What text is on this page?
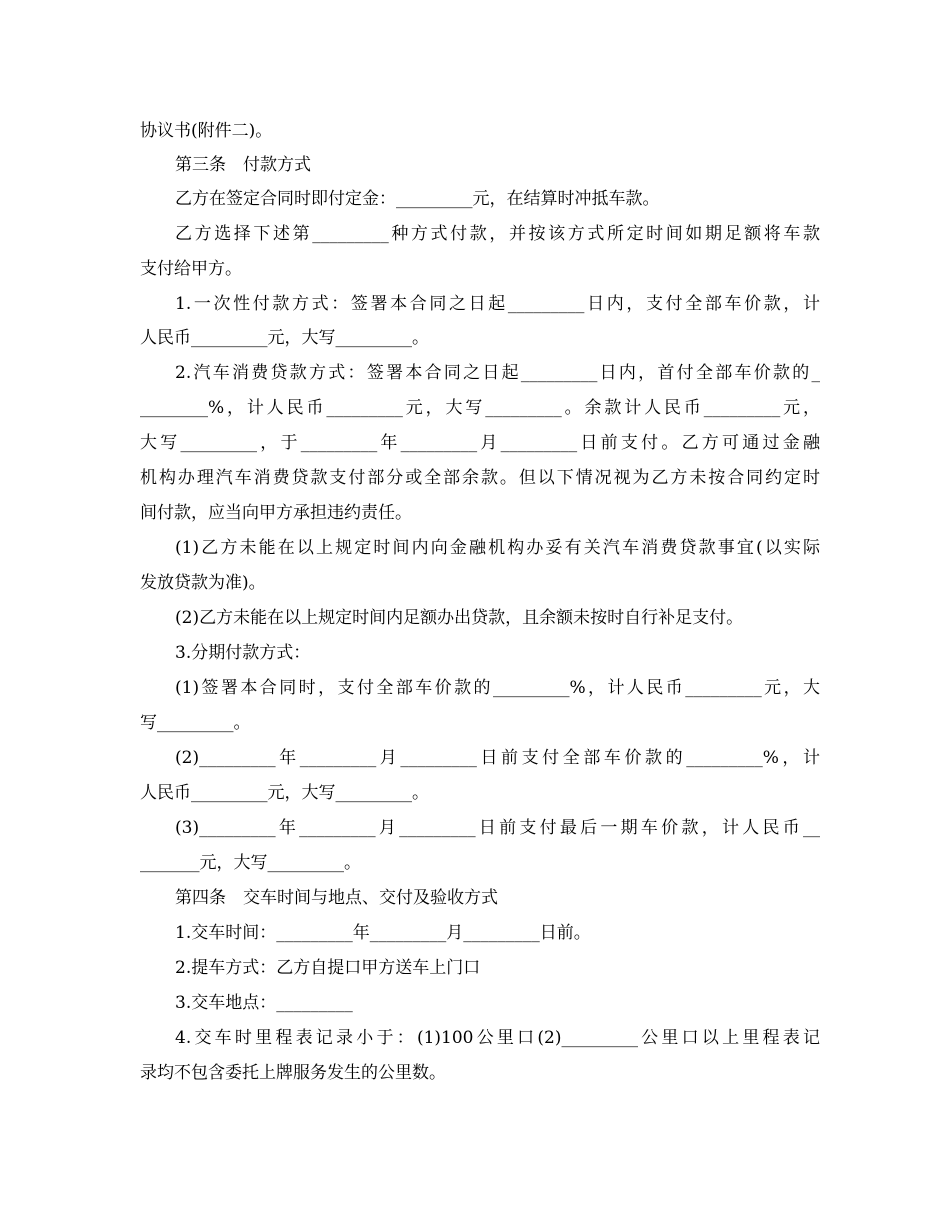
协议书(附件二)。
第三条　付款方式
乙方在签定合同时即付定金：_________元，在结算时冲抵车款。
乙方选择下述第_________种方式付款，并按该方式所定时间如期足额将车款
支付给甲方。
1.一次性付款方式：签署本合同之日起_________日内，支付全部车价款，计
人民币_________元，大写_________。
2.汽车消费贷款方式：签署本合同之日起_________日内，首付全部车价款的_
________%，计人民币_________元，大写_________。余款计人民币_________元，
大写_________，于_________年_________月_________日前支付。乙方可通过金融
机构办理汽车消费贷款支付部分或全部余款。但以下情况视为乙方未按合同约定时
间付款，应当向甲方承担违约责任。
(1)乙方未能在以上规定时间内向金融机构办妥有关汽车消费贷款事宜(以实际
发放贷款为准)。
(2)乙方未能在以上规定时间内足额办出贷款，且余额未按时自行补足支付。
3.分期付款方式：
(1)签署本合同时，支付全部车价款的_________%，计人民币_________元，大
写_________。
(2)_________年_________月_________日前支付全部车价款的_________%，计
人民币_________元，大写_________。
(3)_________年_________月_________日前支付最后一期车价款，计人民币__
_______元，大写_________。
第四条　交车时间与地点、交付及验收方式
1.交车时间：_________年_________月_________日前。
2.提车方式：乙方自提口甲方送车上门口
3.交车地点：_________
4.交车时里程表记录小于：(1)100公里口(2)_________公里口以上里程表记
录均不包含委托上牌服务发生的公里数。
